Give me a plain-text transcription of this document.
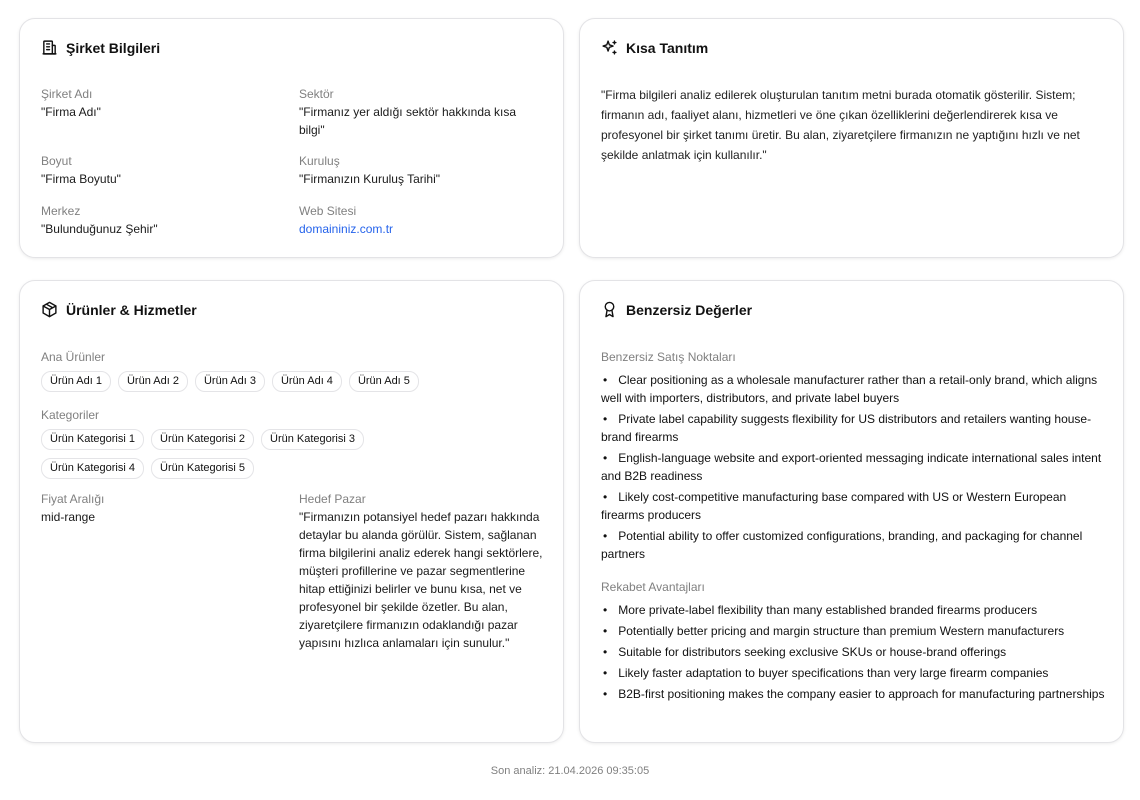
Şirket Bilgileri
Şirket Adı
"Firma Adı"
Sektör
"Firmanız yer aldığı sektör hakkında kısa bilgi"
Boyut
"Firma Boyutu"
Kuruluş
"Firmanızın Kuruluş Tarihi"
Merkez
"Bulunduğunuz Şehir"
Web Sitesi
domaininiz.com.tr
Kısa Tanıtım
"Firma bilgileri analiz edilerek oluşturulan tanıtım metni burada otomatik gösterilir. Sistem; firmanın adı, faaliyet alanı, hizmetleri ve öne çıkan özelliklerini değerlendirerek kısa ve profesyonel bir şirket tanımı üretir. Bu alan, ziyaretçilere firmanızın ne yaptığını hızlı ve net şekilde anlatmak için kullanılır."
Ürünler & Hizmetler
Ana Ürünler
Ürün Adı 1	Ürün Adı 2	Ürün Adı 3	Ürün Adı 4	Ürün Adı 5
Kategoriler
Ürün Kategorisi 1	Ürün Kategorisi 2	Ürün Kategorisi 3
Ürün Kategorisi 4	Ürün Kategorisi 5
Fiyat Aralığı
mid-range
Hedef Pazar
"Firmanızın potansiyel hedef pazarı hakkında detaylar bu alanda görülür. Sistem, sağlanan firma bilgilerini analiz ederek hangi sektörlere, müşteri profillerine ve pazar segmentlerine hitap ettiğinizi belirler ve bunu kısa, net ve profesyonel bir şekilde özetler. Bu alan, ziyaretçilere firmanızın odaklandığı pazar yapısını hızlıca anlamaları için sunulur."
Benzersiz Değerler
Benzersiz Satış Noktaları
• Clear positioning as a wholesale manufacturer rather than a retail-only brand, which aligns well with importers, distributors, and private label buyers
• Private label capability suggests flexibility for US distributors and retailers wanting house-brand firearms
• English-language website and export-oriented messaging indicate international sales intent and B2B readiness
• Likely cost-competitive manufacturing base compared with US or Western European firearms producers
• Potential ability to offer customized configurations, branding, and packaging for channel partners
Rekabet Avantajları
• More private-label flexibility than many established branded firearms producers
• Potentially better pricing and margin structure than premium Western manufacturers
• Suitable for distributors seeking exclusive SKUs or house-brand offerings
• Likely faster adaptation to buyer specifications than very large firearm companies
• B2B-first positioning makes the company easier to approach for manufacturing partnerships
Son analiz: 21.04.2026 09:35:05
